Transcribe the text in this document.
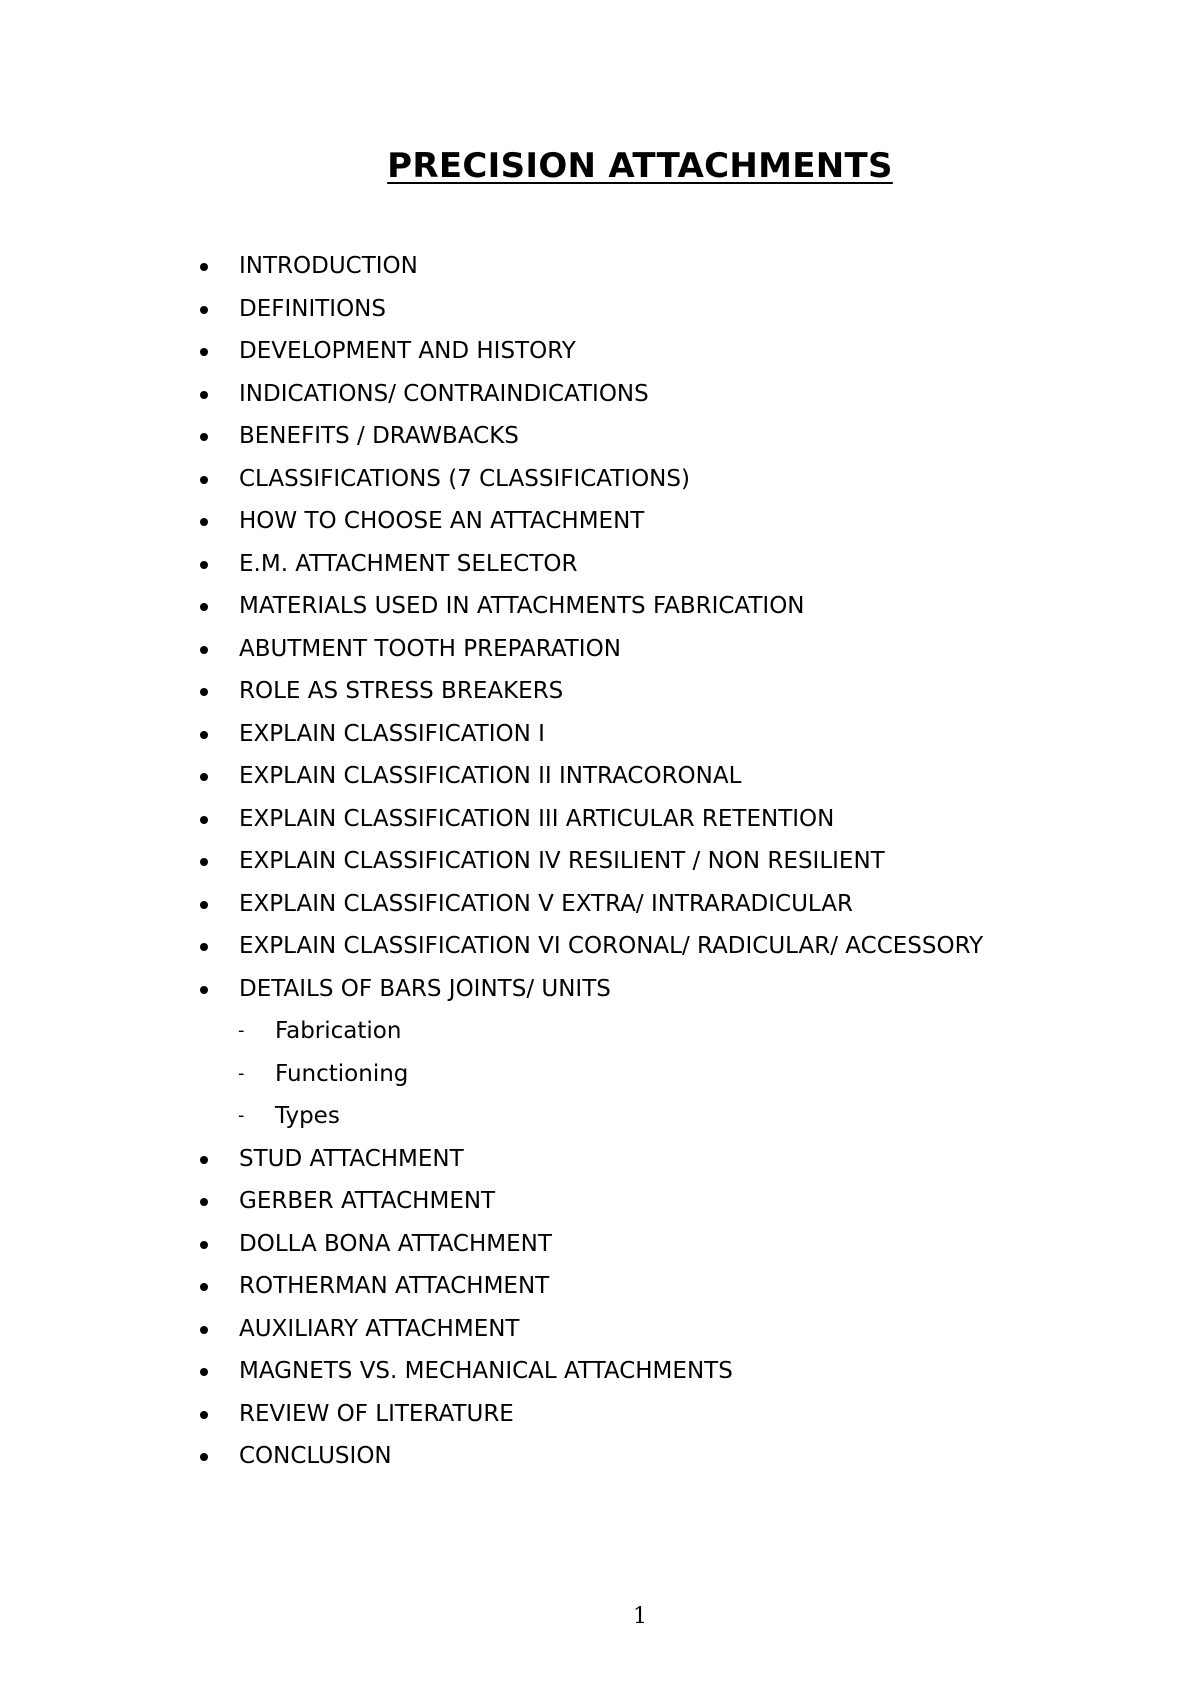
PRECISION ATTACHMENTS
INTRODUCTION
DEFINITIONS
DEVELOPMENT AND HISTORY
INDICATIONS/ CONTRAINDICATIONS
BENEFITS / DRAWBACKS
CLASSIFICATIONS (7 CLASSIFICATIONS)
HOW TO CHOOSE AN ATTACHMENT
E.M. ATTACHMENT SELECTOR
MATERIALS USED IN ATTACHMENTS FABRICATION
ABUTMENT TOOTH PREPARATION
ROLE AS STRESS BREAKERS
EXPLAIN CLASSIFICATION I
EXPLAIN CLASSIFICATION II INTRACORONAL
EXPLAIN CLASSIFICATION III ARTICULAR RETENTION
EXPLAIN CLASSIFICATION IV RESILIENT / NON RESILIENT
EXPLAIN CLASSIFICATION V EXTRA/ INTRARADICULAR
EXPLAIN CLASSIFICATION VI CORONAL/ RADICULAR/ ACCESSORY
DETAILS OF BARS JOINTS/ UNITS
- Fabrication
- Functioning
- Types
STUD ATTACHMENT
GERBER ATTACHMENT
DOLLA BONA ATTACHMENT
ROTHERMAN ATTACHMENT
AUXILIARY ATTACHMENT
MAGNETS VS. MECHANICAL ATTACHMENTS
REVIEW OF LITERATURE
CONCLUSION
1
